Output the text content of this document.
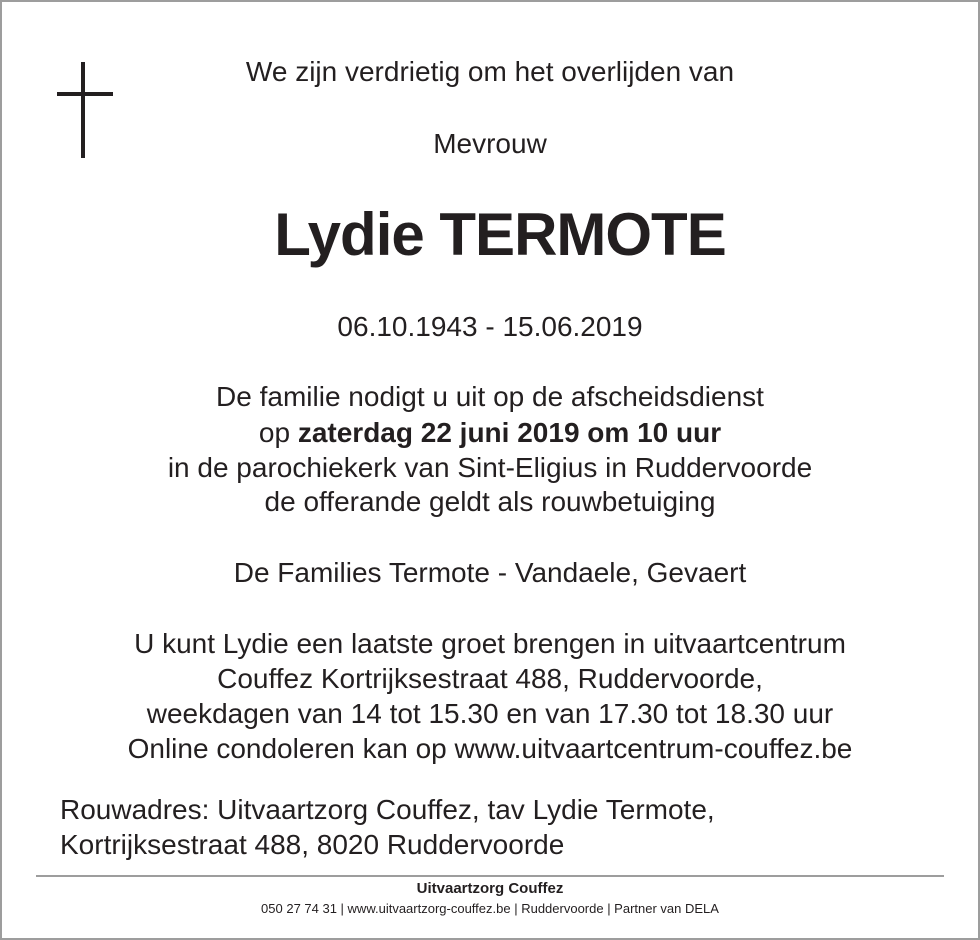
We zijn verdrietig om het overlijden van
Mevrouw
Lydie TERMOTE
06.10.1943 - 15.06.2019
De familie nodigt u uit op de afscheidsdienst
op zaterdag 22 juni 2019 om 10 uur
in de parochiekerk van Sint-Eligius in Ruddervoorde
de offerande geldt als rouwbetuiging
De Families Termote - Vandaele, Gevaert
U kunt Lydie een laatste groet brengen in uitvaartcentrum
Couffez Kortrijksestraat 488, Ruddervoorde,
weekdagen van 14 tot 15.30 en van 17.30 tot 18.30 uur
Online condoleren kan op www.uitvaartcentrum-couffez.be
Rouwadres: Uitvaartzorg Couffez, tav Lydie Termote,
Kortrijksestraat 488, 8020 Ruddervoorde
Uitvaartzorg Couffez
050 27 74 31 | www.uitvaartzorg-couffez.be | Ruddervoorde | Partner van DELA
